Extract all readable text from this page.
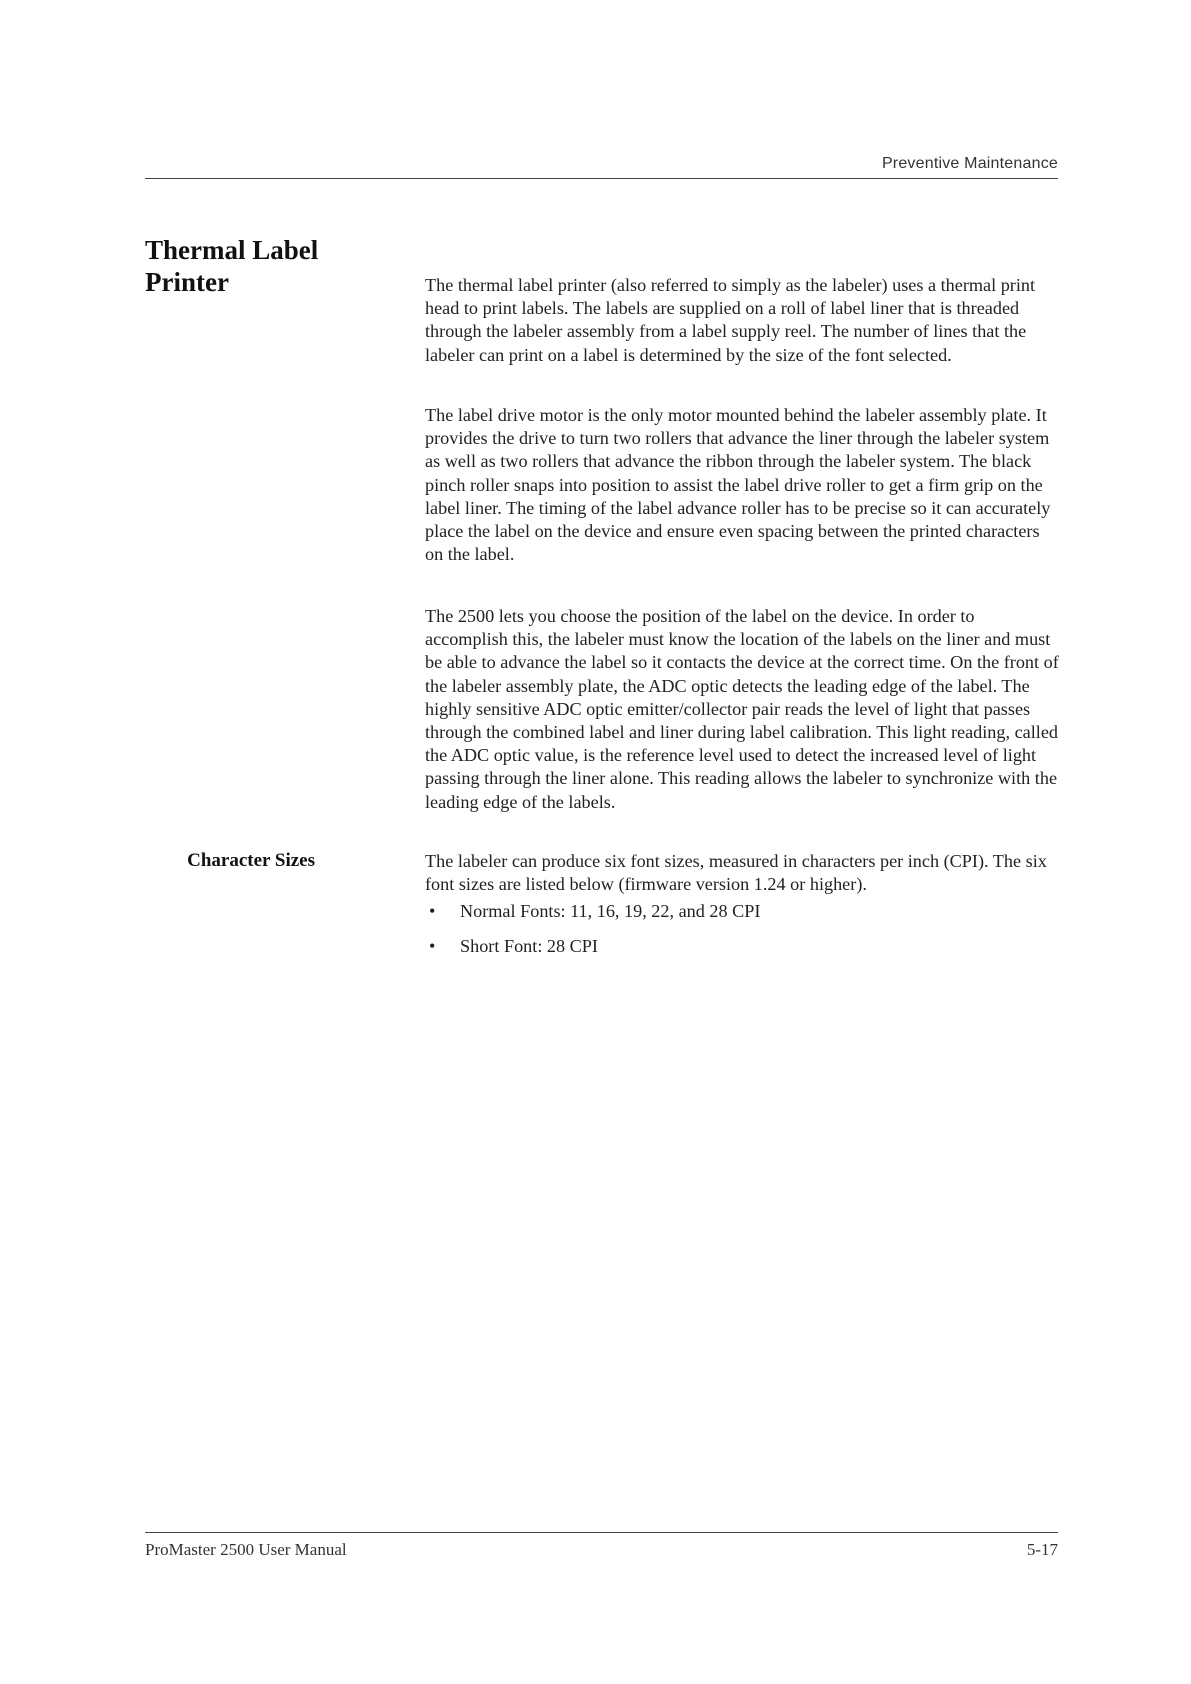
Preventive Maintenance
Thermal Label Printer	The thermal label printer (also referred to simply as the labeler) uses a thermal print head to print labels. The labels are supplied on a roll of label liner that is threaded through the labeler assembly from a label supply reel. The number of lines that the labeler can print on a label is determined by the size of the font selected.

The label drive motor is the only motor mounted behind the labeler assembly plate. It provides the drive to turn two rollers that advance the liner through the labeler system as well as two rollers that advance the ribbon through the labeler system. The black pinch roller snaps into position to assist the label drive roller to get a firm grip on the label liner. The timing of the label advance roller has to be precise so it can accurately place the label on the device and ensure even spacing between the printed characters on the label.

The 2500 lets you choose the position of the label on the device. In order to accomplish this, the labeler must know the location of the labels on the liner and must be able to advance the label so it contacts the device at the correct time. On the front of the labeler assembly plate, the ADC optic detects the leading edge of the label. The highly sensitive ADC optic emitter/collector pair reads the level of light that passes through the combined label and liner during label calibration. This light reading, called the ADC optic value, is the reference level used to detect the increased level of light passing through the liner alone. This reading allows the labeler to synchronize with the leading edge of the labels.

Character Sizes	The labeler can produce six font sizes, measured in characters per inch (CPI). The six font sizes are listed below (firmware version 1.24 or higher).

• Normal Fonts: 11, 16, 19, 22, and 28 CPI
• Short Font: 28 CPI
ProMaster 2500 User Manual	5-17
